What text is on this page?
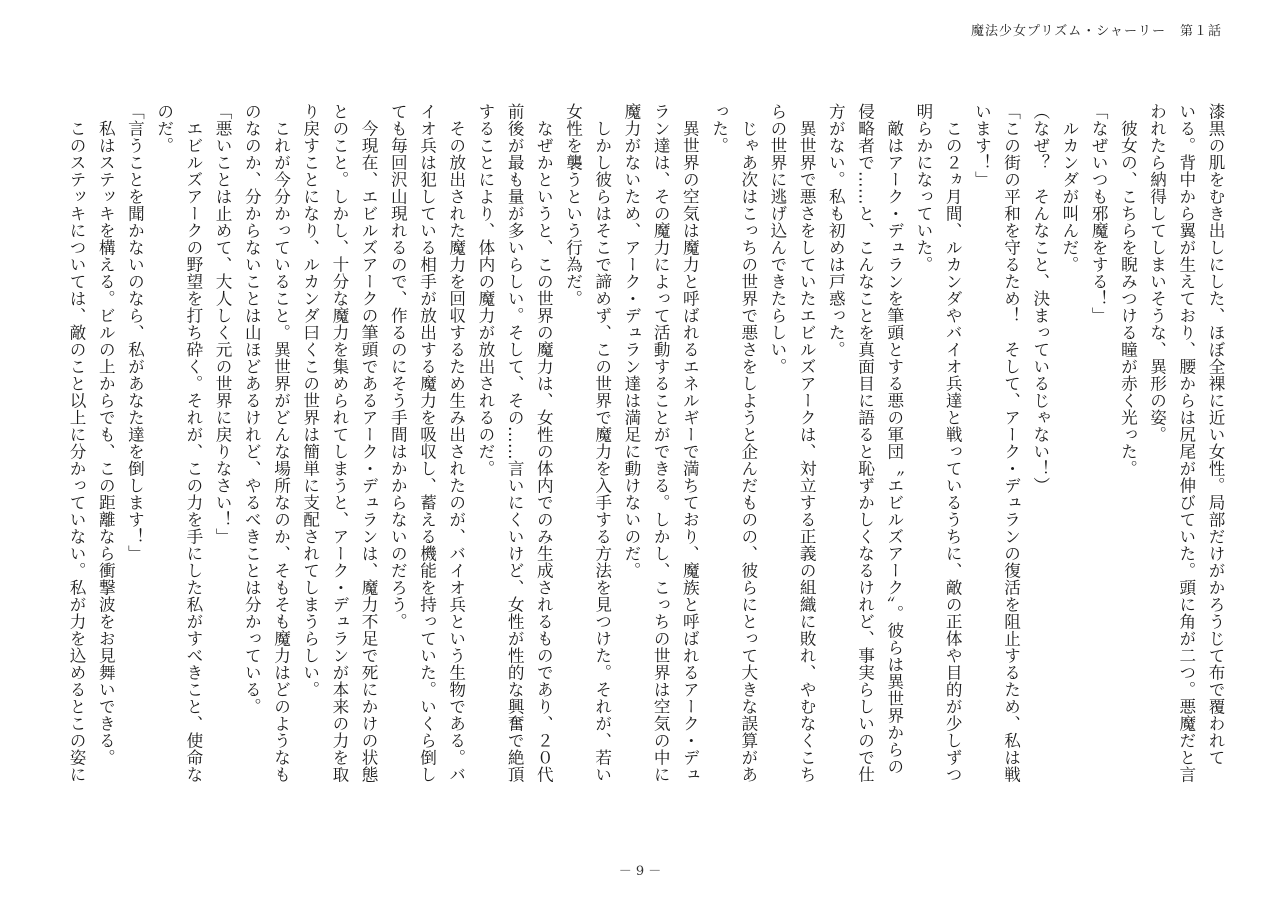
魔法少女プリズム・シャーリー 第１話

漆黒の肌をむき出しにした、ほぼ全裸に近い女性。局部だけがかろうじて布で覆われて

いる。背中から翼が生えており、腰からは尻尾が伸びていた。頭に角が二つ。悪魔だと言

われたら納得してしまいそうな、異形の姿。

　彼女の、こちらを睨みつける瞳が赤く光った。

「なぜいつも邪魔をする！」

　ルカンダが叫んだ。

（なぜ？　そんなこと、決まっているじゃない！）

「この街の平和を守るため！　そして、アーク・デュランの復活を阻止するため、私は戦

います！」

　この２ヵ月間、ルカンダやバイオ兵達と戦っているうちに、敵の正体や目的が少しずつ

明らかになっていた。

　敵はアーク・デュランを筆頭とする悪の軍団〝エビルズアーク〟。彼らは異世界からの

侵略者で……と、こんなことを真面目に語ると恥ずかしくなるけれど、事実らしいので仕

方がない。私も初めは戸惑った。

　異世界で悪さをしていたエビルズアークは、対立する正義の組織に敗れ、やむなくこち

らの世界に逃げ込んできたらしい。

　じゃあ次はこっちの世界で悪さをしようと企んだものの、彼らにとって大きな誤算があ

った。

　異世界の空気は魔力と呼ばれるエネルギーで満ちており、魔族と呼ばれるアーク・デュ

ラン達は、その魔力によって活動することができる。しかし、こっちの世界は空気の中に

魔力がないため、アーク・デュラン達は満足に動けないのだ。

　しかし彼らはそこで諦めず、この世界で魔力を入手する方法を見つけた。それが、若い

女性を襲うという行為だ。

　なぜかというと、この世界の魔力は、女性の体内でのみ生成されるものであり、２０代

前後が最も量が多いらしい。そして、その……言いにくいけど、女性が性的な興奮で絶頂

することにより、体内の魔力が放出されるのだ。

　その放出された魔力を回収するため生み出されたのが、バイオ兵という生物である。バ

イオ兵は犯している相手が放出する魔力を吸収し、蓄える機能を持っていた。いくら倒し

ても毎回沢山現れるので、作るのにそう手間はかからないのだろう。

　今現在、エビルズアークの筆頭であるアーク・デュランは、魔力不足で死にかけの状態

とのこと。しかし、十分な魔力を集められてしまうと、アーク・デュランが本来の力を取

り戻すことになり、ルカンダ曰くこの世界は簡単に支配されてしまうらしい。

　これが今分かっていること。異世界がどんな場所なのか、そもそも魔力はどのようなも

のなのか、分からないことは山ほどあるけれど、やるべきことは分かっている。

「悪いことは止めて、大人しく元の世界に戻りなさい！」

　エビルズアークの野望を打ち砕く。それが、この力を手にした私がすべきこと、使命な

のだ。

「言うことを聞かないのなら、私があなた達を倒します！」

　私はステッキを構える。ビルの上からでも、この距離なら衝撃波をお見舞いできる。

　このステッキについては、敵のこと以上に分かっていない。私が力を込めるとこの姿に

－ 9 －
